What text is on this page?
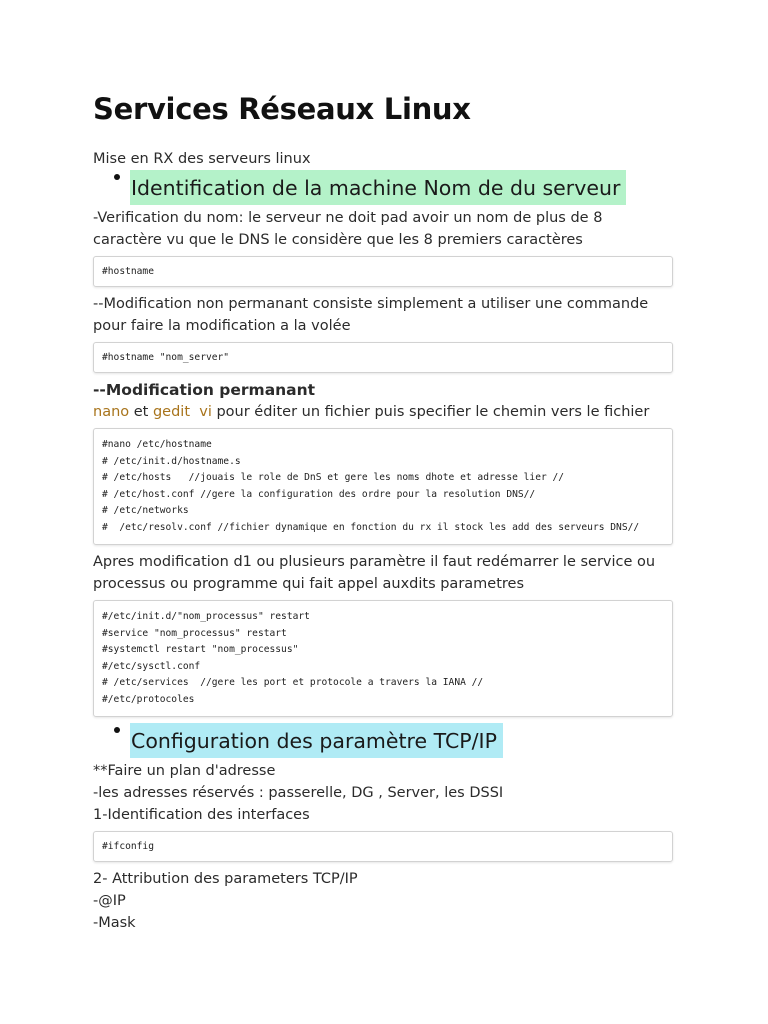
Services Réseaux Linux

Mise en RX des serveurs linux

Identification de la machine Nom de du serveur

-Verification du nom: le serveur ne doit pad avoir un nom de plus de 8 caractère vu que le DNS le considère que les 8 premiers caractères

#hostname

--Modification non permanant consiste simplement a utiliser une commande pour faire la modification a la volée

#hostname "nom_server"
--Modification permanant

nano et gedit vi pour éditer un fichier puis specifier le chemin vers le fichier

#nano /etc/hostname
# /etc/init.d/hostname.s
# /etc/hosts   //jouais le role de DnS et gere les noms dhote et adresse lier //
# /etc/host.conf //gere la configuration des ordre pour la resolution DNS//
# /etc/networks
#  /etc/resolv.conf //fichier dynamique en fonction du rx il stock les add des serveurs DNS//

Apres modification d1 ou plusieurs paramètre il faut redémarrer le service ou processus ou programme qui fait appel auxdits parametres

#/etc/init.d/"nom_processus" restart
#service "nom_processus" restart
#systemctl restart "nom_processus"
#/etc/sysctl.conf
# /etc/services  //gere les port et protocole a travers la IANA //
#/etc/protocoles
Configuration des paramètre TCP/IP

**Faire un plan d'adresse

-les adresses réservés : passerelle, DG , Server, les DSSI

1-Identification des interfaces

#ifconfig

2- Attribution des parameters TCP/IP

-@IP

-Mask
